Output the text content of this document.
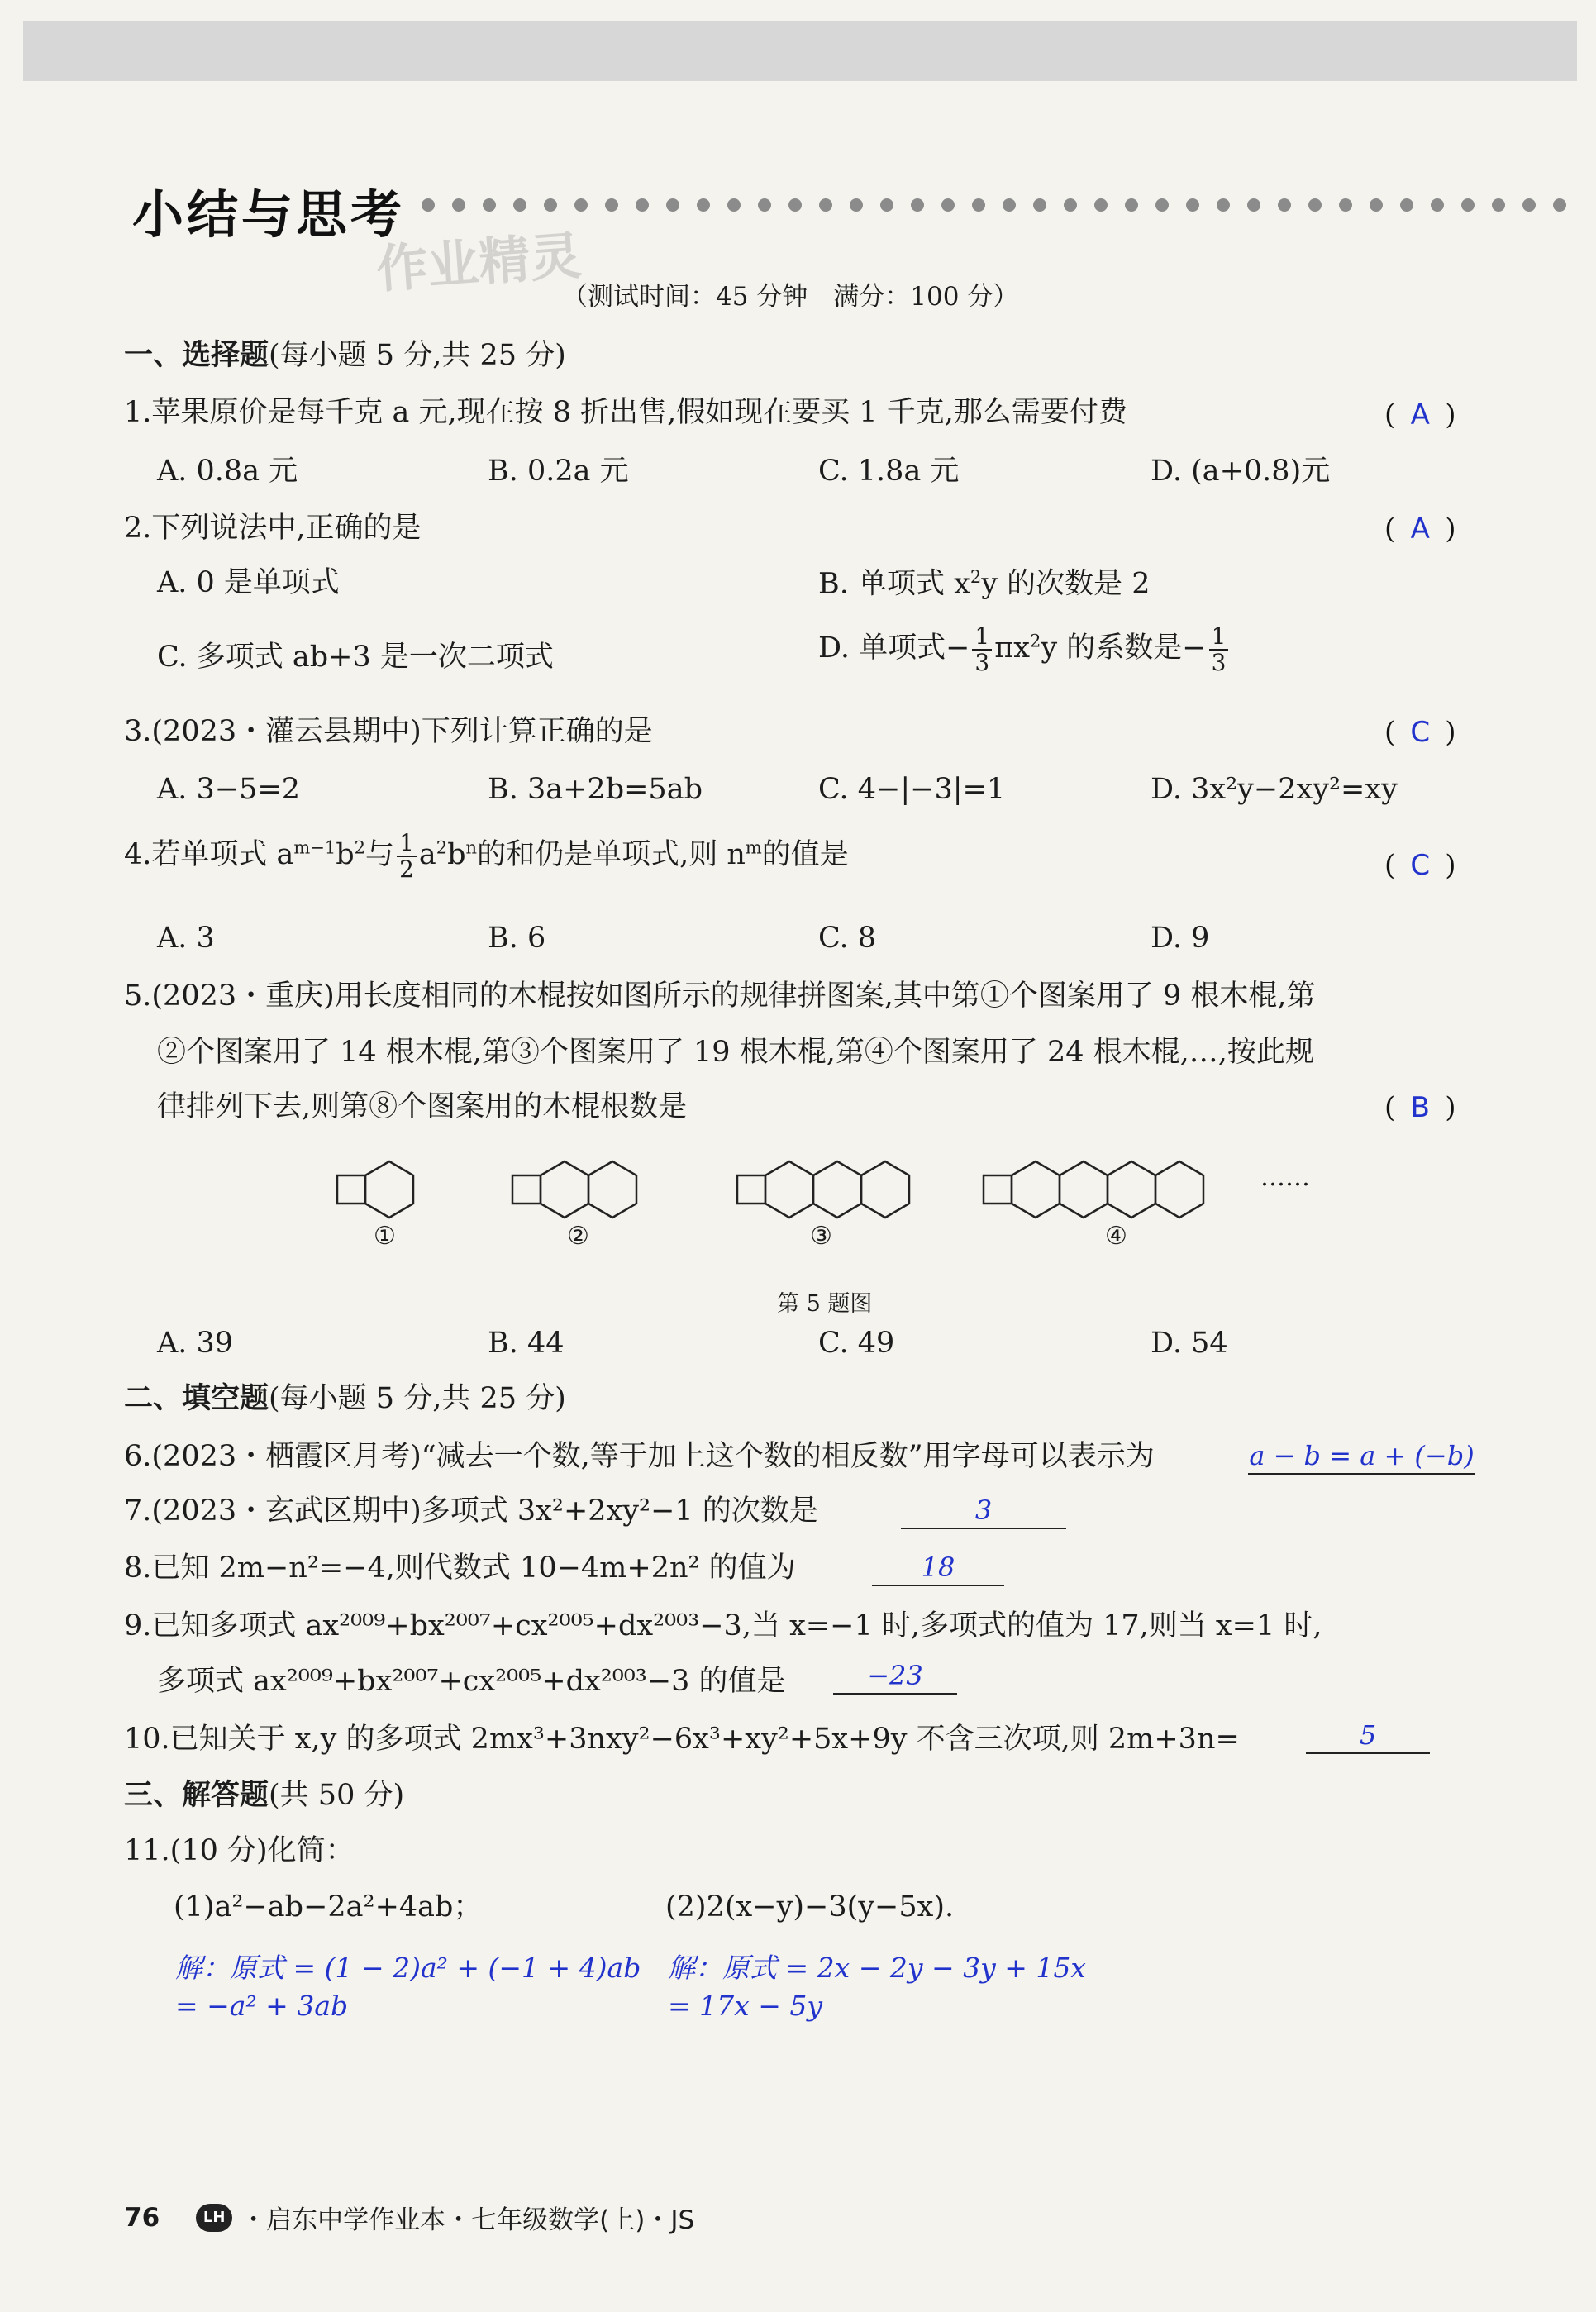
小结与思考
作业精灵
（测试时间：45 分钟　满分：100 分）
一、选择题(每小题 5 分,共 25 分)
1.苹果原价是每千克 a 元,现在按 8 折出售,假如现在要买 1 千克,那么需要付费	( A )
A. 0.8a 元	B. 0.2a 元	C. 1.8a 元	D. (a+0.8)元
2.下列说法中,正确的是	( A )
A. 0 是单项式	B. 单项式 $x^2y$ 的次数是 2
C. 多项式 ab+3 是一次二项式	D. 单项式− $\frac{1}{3} \pi x^2y$ 的系数是− $\frac{1}{3}$
3.(2023・灌云县期中)下列计算正确的是	( C )
A. 3−5=2	B. 3a+2b=5ab	C. 4−|−3|=1	D. 3x²y−2xy²=xy
4.若单项式 $a^{m-1}b^2$与 $\frac{1}{2} a^2b^n$的和仍是单项式,则 $n^m$的值是	( C )
A. 3	B. 6	C. 8	D. 9
5.(2023・重庆)用长度相同的木棍按如图所示的规律拼图案,其中第①个图案用了 9 根木棍,第
②个图案用了 14 根木棍,第③个图案用了 19 根木棍,第④个图案用了 24 根木棍,…,按此规
律排列下去,则第⑧个图案用的木棍根数是	( B )
……
①	②	③	④
第 5 题图
A. 39	B. 44	C. 49	D. 54
二、填空题(每小题 5 分,共 25 分)
6.(2023・栖霞区月考)“减去一个数,等于加上这个数的相反数”用字母可以表示为	a − b = a + (−b)
7.(2023・玄武区期中)多项式 3x²+2xy²−1 的次数是	3
8.已知 2m−n²=−4,则代数式 10−4m+2n² 的值为	18
9.已知多项式 ax²⁰⁰⁹+bx²⁰⁰⁷+cx²⁰⁰⁵+dx²⁰⁰³−3,当 x=−1 时,多项式的值为 17,则当 x=1 时,
多项式 ax²⁰⁰⁹+bx²⁰⁰⁷+cx²⁰⁰⁵+dx²⁰⁰³−3 的值是	−23
10.已知关于 x,y 的多项式 2mx³+3nxy²−6x³+xy²+5x+9y 不含三次项,则 2m+3n=	5
三、解答题(共 50 分)
11.(10 分)化简：
(1)a²−ab−2a²+4ab；	(2)2(x−y)−3(y−5x).
解：原式 = (1 − 2)a² + (−1 + 4)ab
= −a² + 3ab
解：原式 = 2x − 2y − 3y + 15x
= 17x − 5y
76	LH ・启东中学作业本・七年级数学(上)・JS
